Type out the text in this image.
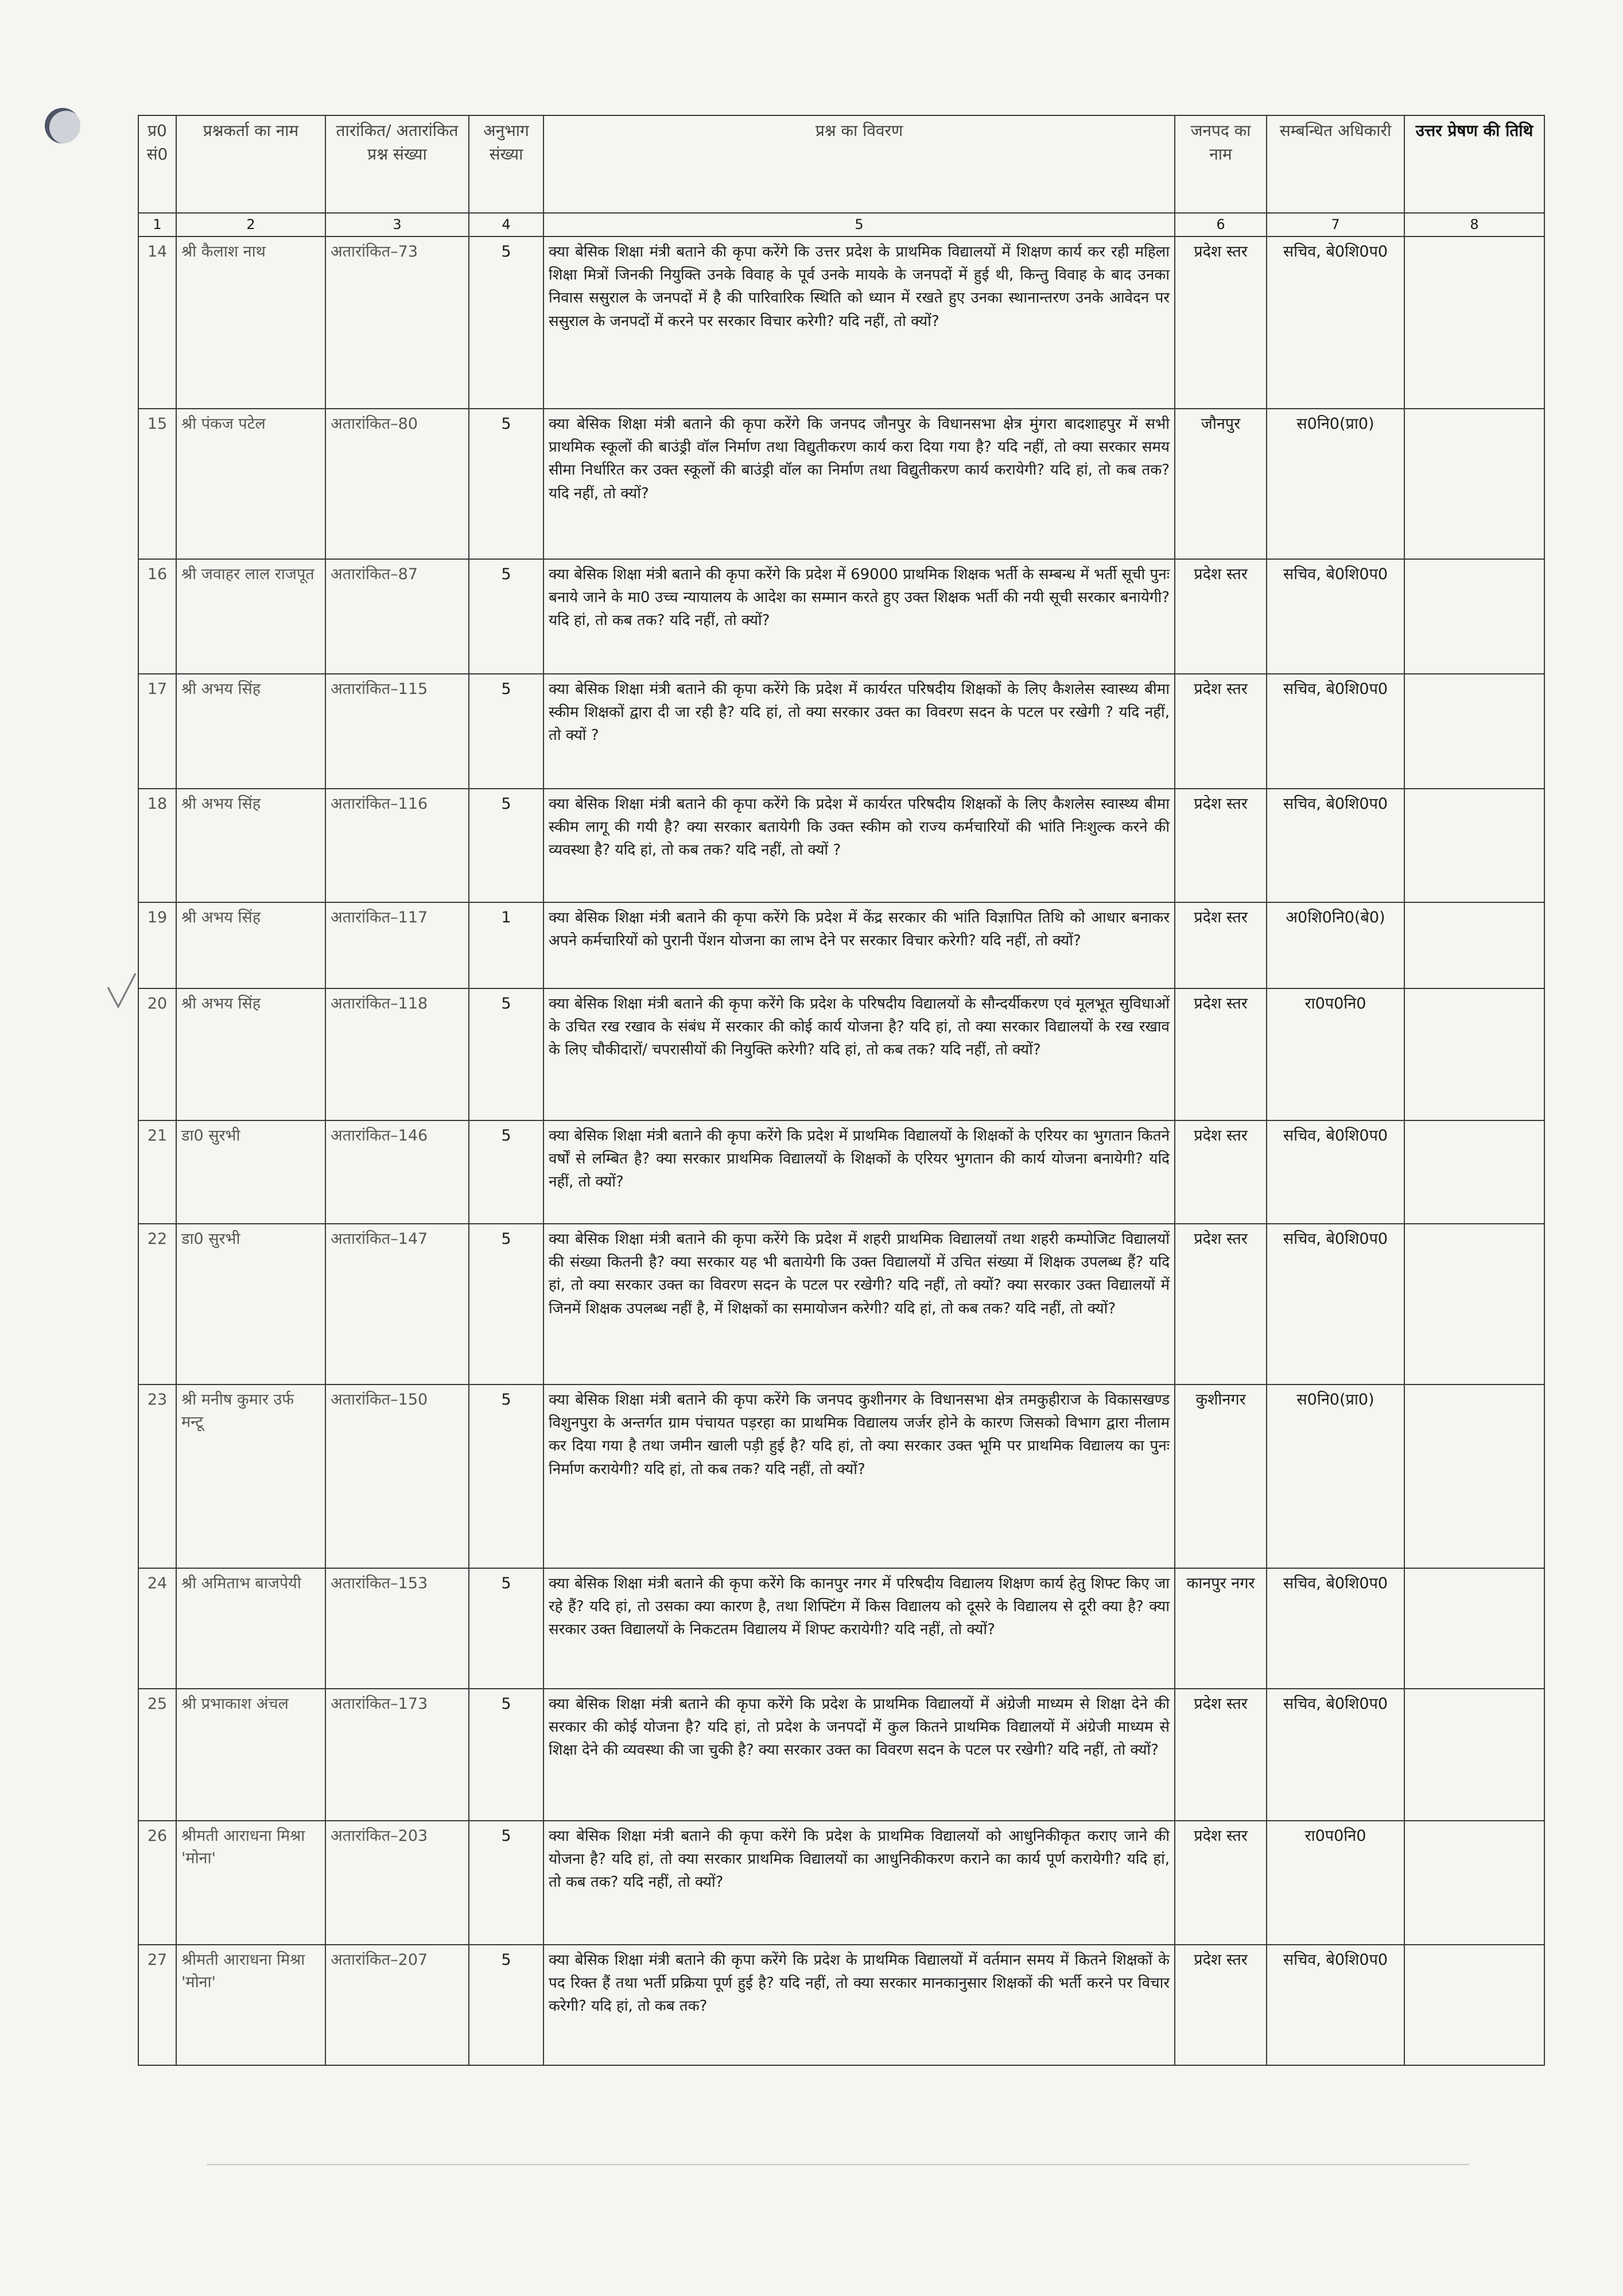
प्र0 सं0	प्रश्नकर्ता का नाम	तारांकित/ अतारांकित प्रश्न संख्या	अनुभाग संख्या	प्रश्न का विवरण	जनपद का नाम	सम्बन्धित अधिकारी	उत्तर प्रेषण की तिथि
1	2	3	4	5	6	7	8
14	श्री कैलाश नाथ	अतारांकित–73	5	क्या बेसिक शिक्षा मंत्री बताने की कृपा करेंगे कि उत्तर प्रदेश के प्राथमिक विद्यालयों में शिक्षण कार्य कर रही महिला शिक्षा मित्रों जिनकी नियुक्ति उनके विवाह के पूर्व उनके मायके के जनपदों में हुई थी, किन्तु विवाह के बाद उनका निवास ससुराल के जनपदों में है की पारिवारिक स्थिति को ध्यान में रखते हुए उनका स्थानान्तरण उनके आवेदन पर ससुराल के जनपदों में करने पर सरकार विचार करेगी? यदि नहीं, तो क्यों?	प्रदेश स्तर	सचिव, बे0शि0प0	
15	श्री पंकज पटेल	अतारांकित–80	5	क्या बेसिक शिक्षा मंत्री बताने की कृपा करेंगे कि जनपद जौनपुर के विधानसभा क्षेत्र मुंगरा बादशाहपुर में सभी प्राथमिक स्कूलों की बाउंड्री वॉल निर्माण तथा विद्युतीकरण कार्य करा दिया गया है? यदि नहीं, तो क्या सरकार समय सीमा निर्धारित कर उक्त स्कूलों की बाउंड्री वॉल का निर्माण तथा विद्युतीकरण कार्य करायेगी? यदि हां, तो कब तक? यदि नहीं, तो क्यों?	जौनपुर	स0नि0(प्रा0)	
16	श्री जवाहर लाल राजपूत	अतारांकित–87	5	क्या बेसिक शिक्षा मंत्री बताने की कृपा करेंगे कि प्रदेश में 69000 प्राथमिक शिक्षक भर्ती के सम्बन्ध में भर्ती सूची पुनः बनाये जाने के मा0 उच्च न्यायालय के आदेश का सम्मान करते हुए उक्त शिक्षक भर्ती की नयी सूची सरकार बनायेगी? यदि हां, तो कब तक? यदि नहीं, तो क्यों?	प्रदेश स्तर	सचिव, बे0शि0प0	
17	श्री अभय सिंह	अतारांकित–115	5	क्या बेसिक शिक्षा मंत्री बताने की कृपा करेंगे कि प्रदेश में कार्यरत परिषदीय शिक्षकों के लिए कैशलेस स्वास्थ्य बीमा स्कीम शिक्षकों द्वारा दी जा रही है? यदि हां, तो क्या सरकार उक्त का विवरण सदन के पटल पर रखेगी ? यदि नहीं, तो क्यों ?	प्रदेश स्तर	सचिव, बे0शि0प0	
18	श्री अभय सिंह	अतारांकित–116	5	क्या बेसिक शिक्षा मंत्री बताने की कृपा करेंगे कि प्रदेश में कार्यरत परिषदीय शिक्षकों के लिए कैशलेस स्वास्थ्य बीमा स्कीम लागू की गयी है? क्या सरकार बतायेगी कि उक्त स्कीम को राज्य कर्मचारियों की भांति निःशुल्क करने की व्यवस्था है? यदि हां, तो कब तक? यदि नहीं, तो क्यों ?	प्रदेश स्तर	सचिव, बे0शि0प0	
19	श्री अभय सिंह	अतारांकित–117	1	क्या बेसिक शिक्षा मंत्री बताने की कृपा करेंगे कि प्रदेश में केंद्र सरकार की भांति विज्ञापित तिथि को आधार बनाकर अपने कर्मचारियों को पुरानी पेंशन योजना का लाभ देने पर सरकार विचार करेगी? यदि नहीं, तो क्यों?	प्रदेश स्तर	अ0शि0नि0(बे0)	
20	श्री अभय सिंह	अतारांकित–118	5	क्या बेसिक शिक्षा मंत्री बताने की कृपा करेंगे कि प्रदेश के परिषदीय विद्यालयों के सौन्दर्यीकरण एवं मूलभूत सुविधाओं के उचित रख रखाव के संबंध में सरकार की कोई कार्य योजना है? यदि हां, तो क्या सरकार विद्यालयों के रख रखाव के लिए चौकीदारों/ चपरासीयों की नियुक्ति करेगी? यदि हां, तो कब तक? यदि नहीं, तो क्यों?	प्रदेश स्तर	रा0प0नि0	
21	डा0 सुरभी	अतारांकित–146	5	क्या बेसिक शिक्षा मंत्री बताने की कृपा करेंगे कि प्रदेश में प्राथमिक विद्यालयों के शिक्षकों के एरियर का भुगतान कितने वर्षों से लम्बित है? क्या सरकार प्राथमिक विद्यालयों के शिक्षकों के एरियर भुगतान की कार्य योजना बनायेगी? यदि नहीं, तो क्यों?	प्रदेश स्तर	सचिव, बे0शि0प0	
22	डा0 सुरभी	अतारांकित–147	5	क्या बेसिक शिक्षा मंत्री बताने की कृपा करेंगे कि प्रदेश में शहरी प्राथमिक विद्यालयों तथा शहरी कम्पोजिट विद्यालयों की संख्या कितनी है? क्या सरकार यह भी बतायेगी कि उक्त विद्यालयों में उचित संख्या में शिक्षक उपलब्ध हैं? यदि हां, तो क्या सरकार उक्त का विवरण सदन के पटल पर रखेगी? यदि नहीं, तो क्यों? क्या सरकार उक्त विद्यालयों में जिनमें शिक्षक उपलब्ध नहीं है, में शिक्षकों का समायोजन करेगी? यदि हां, तो कब तक? यदि नहीं, तो क्यों?	प्रदेश स्तर	सचिव, बे0शि0प0	
23	श्री मनीष कुमार उर्फ मन्टू	अतारांकित–150	5	क्या बेसिक शिक्षा मंत्री बताने की कृपा करेंगे कि जनपद कुशीनगर के विधानसभा क्षेत्र तमकुहीराज के विकासखण्ड विशुनपुरा के अन्तर्गत ग्राम पंचायत पड़रहा का प्राथमिक विद्यालय जर्जर होने के कारण जिसको विभाग द्वारा नीलाम कर दिया गया है तथा जमीन खाली पड़ी हुई है? यदि हां, तो क्या सरकार उक्त भूमि पर प्राथमिक विद्यालय का पुनः निर्माण करायेगी? यदि हां, तो कब तक? यदि नहीं, तो क्यों?	कुशीनगर	स0नि0(प्रा0)	
24	श्री अमिताभ बाजपेयी	अतारांकित–153	5	क्या बेसिक शिक्षा मंत्री बताने की कृपा करेंगे कि कानपुर नगर में परिषदीय विद्यालय शिक्षण कार्य हेतु शिफ्ट किए जा रहे हैं? यदि हां, तो उसका क्या कारण है, तथा शिफ्टिंग में किस विद्यालय को दूसरे के विद्यालय से दूरी क्या है? क्या सरकार उक्त विद्यालयों के निकटतम विद्यालय में शिफ्ट करायेगी? यदि नहीं, तो क्यों?	कानपुर नगर	सचिव, बे0शि0प0	
25	श्री प्रभाकाश अंचल	अतारांकित–173	5	क्या बेसिक शिक्षा मंत्री बताने की कृपा करेंगे कि प्रदेश के प्राथमिक विद्यालयों में अंग्रेजी माध्यम से शिक्षा देने की सरकार की कोई योजना है? यदि हां, तो प्रदेश के जनपदों में कुल कितने प्राथमिक विद्यालयों में अंग्रेजी माध्यम से शिक्षा देने की व्यवस्था की जा चुकी है? क्या सरकार उक्त का विवरण सदन के पटल पर रखेगी? यदि नहीं, तो क्यों?	प्रदेश स्तर	सचिव, बे0शि0प0	
26	श्रीमती आराधना मिश्रा 'मोना'	अतारांकित–203	5	क्या बेसिक शिक्षा मंत्री बताने की कृपा करेंगे कि प्रदेश के प्राथमिक विद्यालयों को आधुनिकीकृत कराए जाने की योजना है? यदि हां, तो क्या सरकार प्राथमिक विद्यालयों का आधुनिकीकरण कराने का कार्य पूर्ण करायेगी? यदि हां, तो कब तक? यदि नहीं, तो क्यों?	प्रदेश स्तर	रा0प0नि0	
27	श्रीमती आराधना मिश्रा 'मोना'	अतारांकित–207	5	क्या बेसिक शिक्षा मंत्री बताने की कृपा करेंगे कि प्रदेश के प्राथमिक विद्यालयों में वर्तमान समय में कितने शिक्षकों के पद रिक्त हैं तथा भर्ती प्रक्रिया पूर्ण हुई है? यदि नहीं, तो क्या सरकार मानकानुसार शिक्षकों की भर्ती करने पर विचार करेगी? यदि हां, तो कब तक?	प्रदेश स्तर	सचिव, बे0शि0प0	
